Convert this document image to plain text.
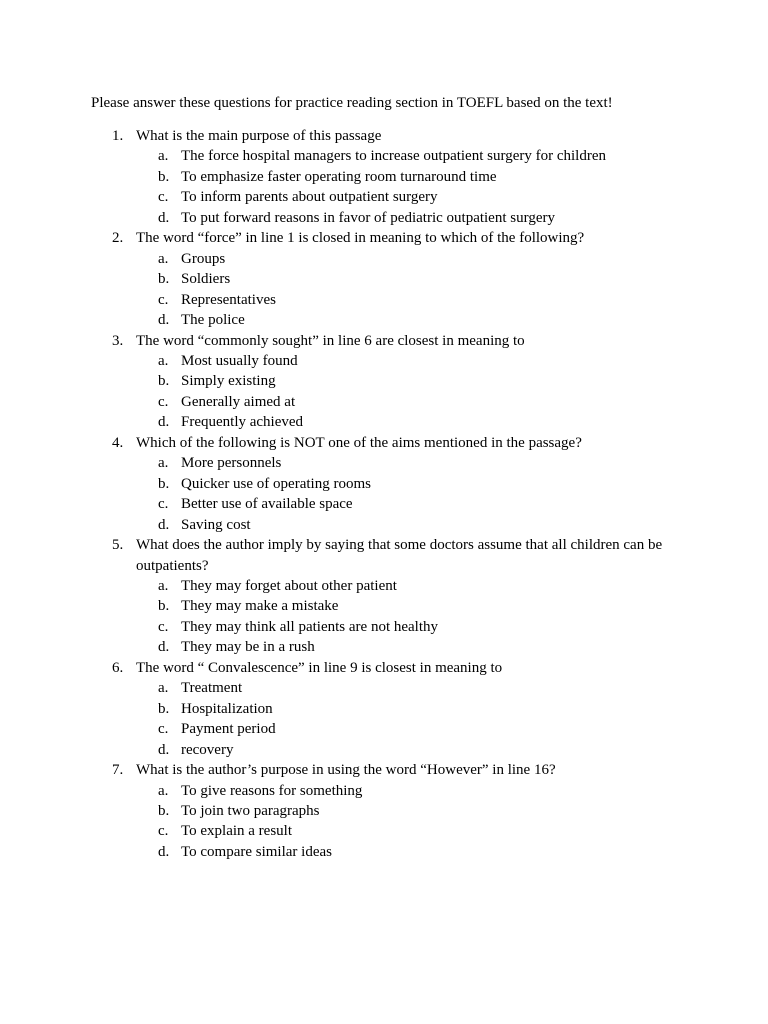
Please answer these questions for practice reading section in TOEFL based on the text!

1. What is the main purpose of this passage
a. The force hospital managers to increase outpatient surgery for children
b. To emphasize faster operating room turnaround time
c. To inform parents about outpatient surgery
d. To put forward reasons in favor of pediatric outpatient surgery
2. The word “force” in line 1 is closed in meaning to which of the following?
a. Groups
b. Soldiers
c. Representatives
d. The police
3. The word “commonly sought” in line 6 are closest in meaning to
a. Most usually found
b. Simply existing
c. Generally aimed at
d. Frequently achieved
4. Which of the following is NOT one of the aims mentioned in the passage?
a. More personnels
b. Quicker use of operating rooms
c. Better use of available space
d. Saving cost
5. What does the author imply by saying that some doctors assume that all children can be outpatients?
a. They may forget about other patient
b. They may make a mistake
c. They may think all patients are not healthy
d. They may be in a rush
6. The word “ Convalescence” in line 9 is closest in meaning to
a. Treatment
b. Hospitalization
c. Payment period
d. recovery
7. What is the author’s purpose in using the word “However” in line 16?
a. To give reasons for something
b. To join two paragraphs
c. To explain a result
d. To compare similar ideas
